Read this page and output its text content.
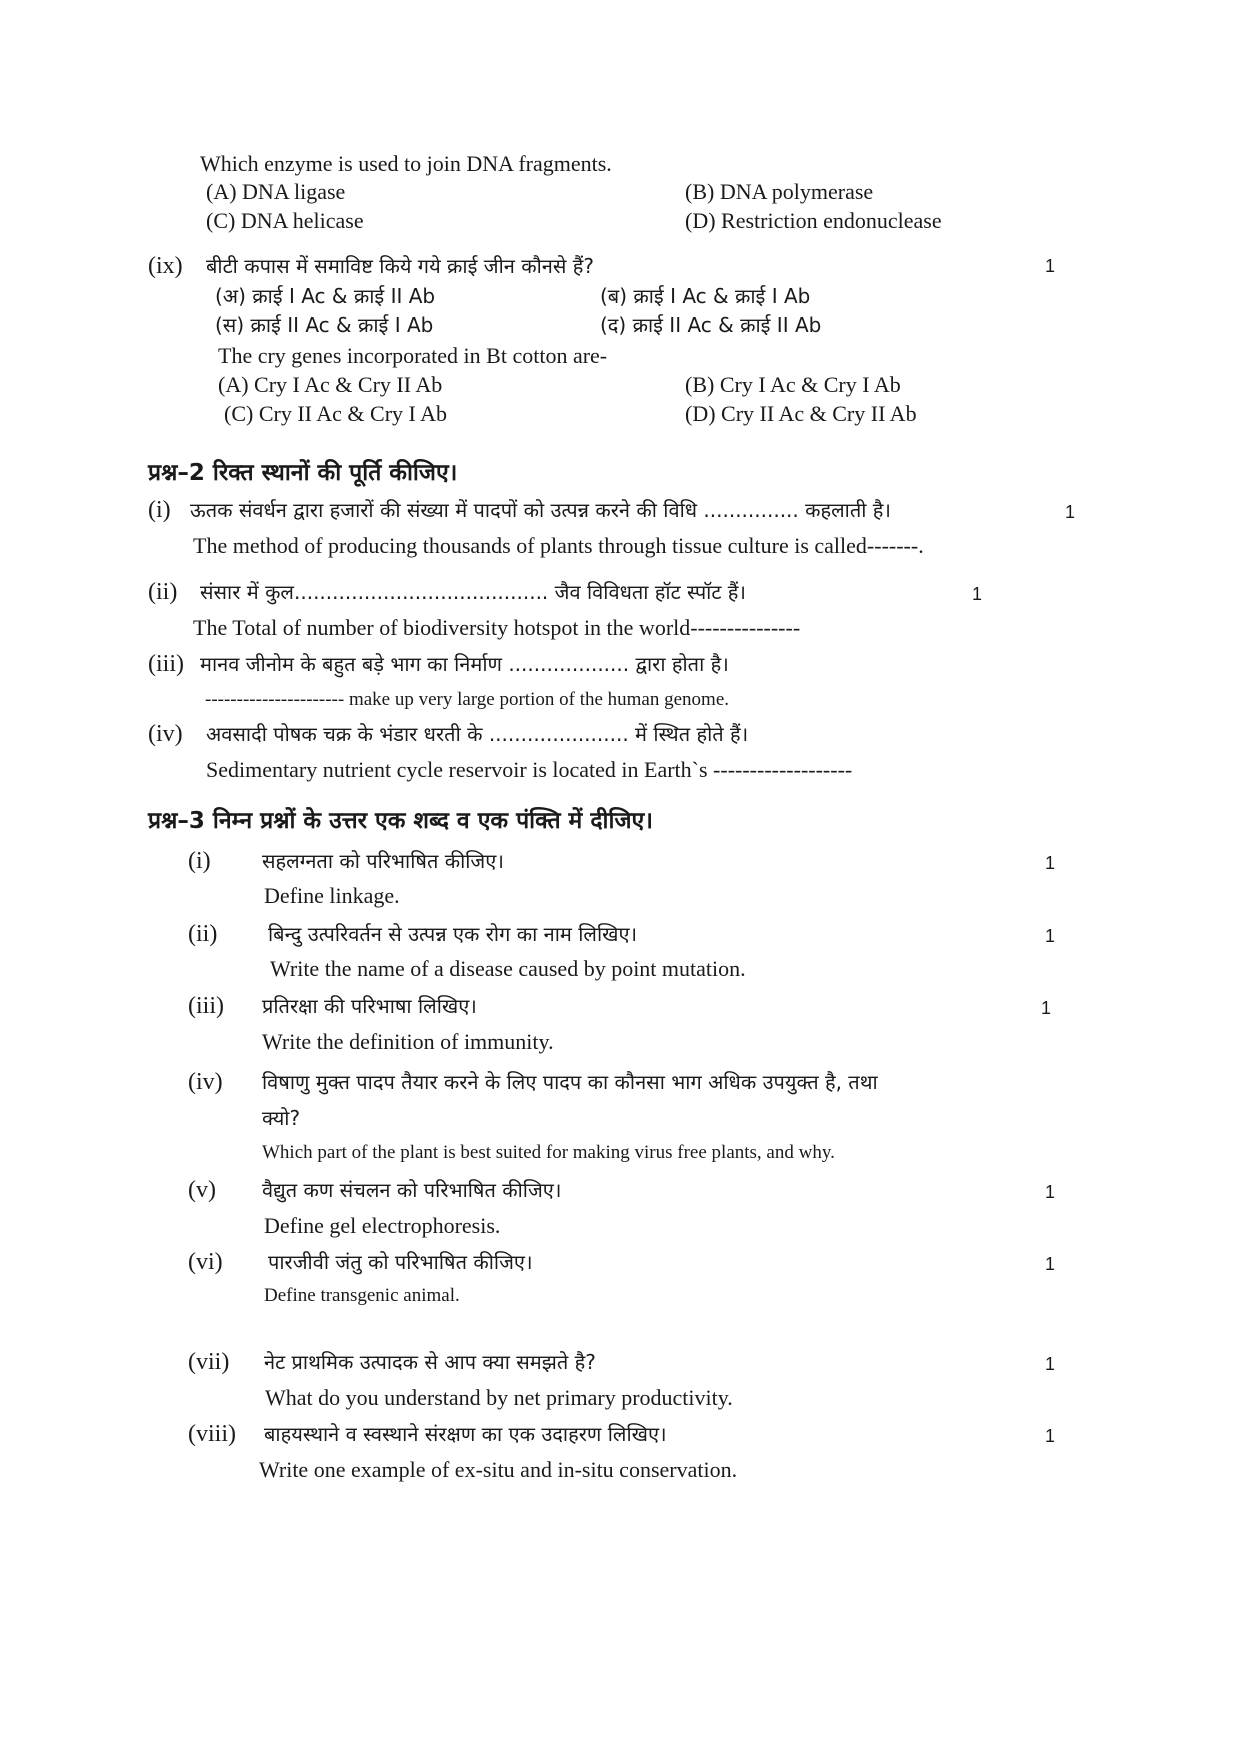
Which enzyme is used to join DNA fragments.
(A) DNA ligase	(B) DNA polymerase
(C) DNA helicase	(D) Restriction endonuclease
(ix) बीटी कपास में समाविष्ट किये गये क्राई जीन कौनसे हैं?	1
(अ) क्राई I Ac & क्राई II Ab	(ब) क्राई I Ac & क्राई I Ab
(स) क्राई II Ac & क्राई I Ab	(द) क्राई II Ac & क्राई II Ab
The cry genes incorporated in Bt cotton are-
(A) Cry I Ac & Cry II Ab	(B) Cry I Ac & Cry I Ab
(C) Cry II Ac & Cry I Ab	(D) Cry II Ac & Cry II Ab
प्रश्न–2 रिक्त स्थानों की पूर्ति कीजिए।
(i) ऊतक संवर्धन द्वारा हजारों की संख्या में पादपों को उत्पन्न करने की विधि ............... कहलाती है।	1
The method of producing thousands of plants through tissue culture is called-------.
(ii) संसार में कुल........................................ जैव विविधता हॉट स्पॉट हैं।	1
The Total of number of biodiversity hotspot in the world---------------
(iii) मानव जीनोम के बहुत बड़े भाग का निर्माण ................... द्वारा होता है।
---------------------- make up very large portion of the human genome.
(iv) अवसादी पोषक चक्र के भंडार धरती के ...................... में स्थित होते हैं।
Sedimentary nutrient cycle reservoir is located in Earth`s -------------------
प्रश्न–3 निम्न प्रश्नों के उत्तर एक शब्द व एक पंक्ति में दीजिए।
(i)	सहलग्नता को परिभाषित कीजिए।	1
Define linkage.
(ii)	बिन्दु उत्परिवर्तन से उत्पन्न एक रोग का नाम लिखिए।	1
Write the name of a disease caused by point mutation.
(iii) प्रतिरक्षा की परिभाषा लिखिए।	1
Write the definition of immunity.
(iv) विषाणु मुक्त पादप तैयार करने के लिए पादप का कौनसा भाग अधिक उपयुक्त है, तथा
क्यो?
Which part of the plant is best suited for making virus free plants, and why.
(v) वैद्युत कण संचलन को परिभाषित कीजिए।	1
Define gel electrophoresis.
(vi) पारजीवी जंतु को परिभाषित कीजिए।	1
Define transgenic animal.
(vii) नेट प्राथमिक उत्पादक से आप क्या समझते है?	1
What do you understand by net primary productivity.
(viii) बाहयस्थाने व स्वस्थाने संरक्षण का एक उदाहरण लिखिए।	1
Write one example of ex-situ and in-situ conservation.
